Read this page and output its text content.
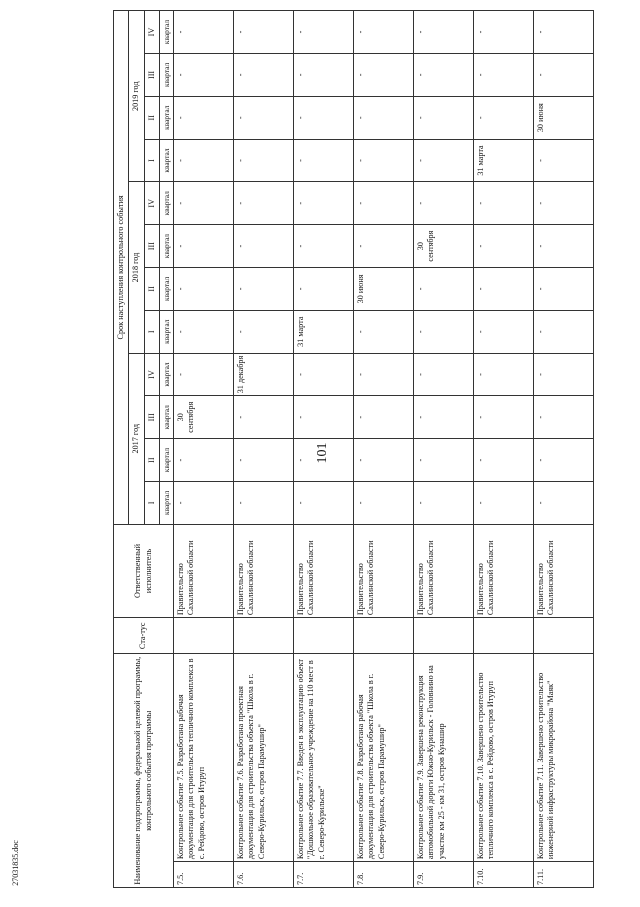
101
27031835.doc	Наименование подпрограммы, федеральной целевой программы, контрольного события программы		Ста-тус	Ответственный исполнитель	Срок наступления контрольного события											
				2017 год				2018 год				2019 год			
				I	II	III	IV	I	II	III	IV	I	II	III	IV
				квартал	квартал	квартал	квартал	квартал	квартал	квартал	квартал	квартал	квартал	квартал	квартал
7.5.	Контрольное событие 7.5. Разработана рабочая документация для строительства тепличного комплекса в с. Рейдово, остров Итуруп		Правительство Сахалинской области	-	-	30 сентября	-	-	-	-	-	-	-	-	-
7.6.	Контрольное событие 7.6. Разработана проектная документация для строительства объекта "Школа в г. Северо-Курильск, остров Парамушир"		Правительство Сахалинской области	-	-	-	31 декабря	-	-	-	-	-	-	-	-
7.7.	Контрольное событие 7.7. Введен в эксплуатацию объект "Дошкольное образовательное учреждение на 110 мест в г. Северо-Курильске"		Правительство Сахалинской области	-	-	-	-	31 марта	-	-	-	-	-	-	-
7.8.	Контрольное событие 7.8. Разработана рабочая документация для строительства объекта "Школа в г. Северо-Курильск, остров Парамушир"		Правительство Сахалинской области	-	-	-	-	-	30 июня	-	-	-	-	-	-
7.9.	Контрольное событие 7.9. Завершена реконструкция автомобильной дороги Южно-Курильск - Головнино на участке км 25 - км 31, остров Кунашир		Правительство Сахалинской области	-	-	-	-	-	-	30 сентября	-	-	-	-	-
7.10.	Контрольное событие 7.10. Завершено строительство тепличного комплекса в с. Рейдово, остров Итуруп		Правительство Сахалинской области	-	-	-	-	-	-	-	-	31 марта	-	-	-
7.11.	Контрольное событие 7.11. Завершено строительство инженерной инфраструктуры микрорайона "Маяк"		Правительство Сахалинской области	-	-	-	-	-	-	-	-	-	30 июня	-	-
